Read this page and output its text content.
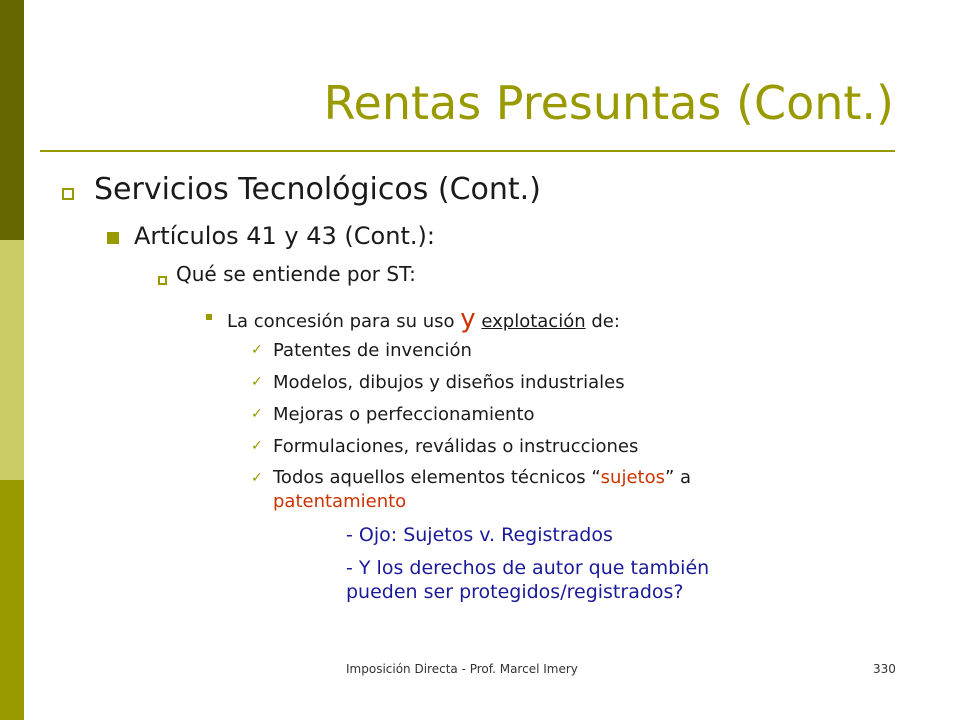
Rentas Presuntas (Cont.)
Servicios Tecnológicos (Cont.)
Artículos 41 y 43 (Cont.):
Qué se entiende por ST:
La concesión para su uso y explotación de:
✓ Patentes de invención
✓ Modelos, dibujos y diseños industriales
✓ Mejoras o perfeccionamiento
✓ Formulaciones, reválidas o instrucciones
✓ Todos aquellos elementos técnicos “sujetos” a
patentamiento
- Ojo: Sujetos v. Registrados
- Y los derechos de autor que también
pueden ser protegidos/registrados?
Imposición Directa - Prof. Marcel Imery	330
